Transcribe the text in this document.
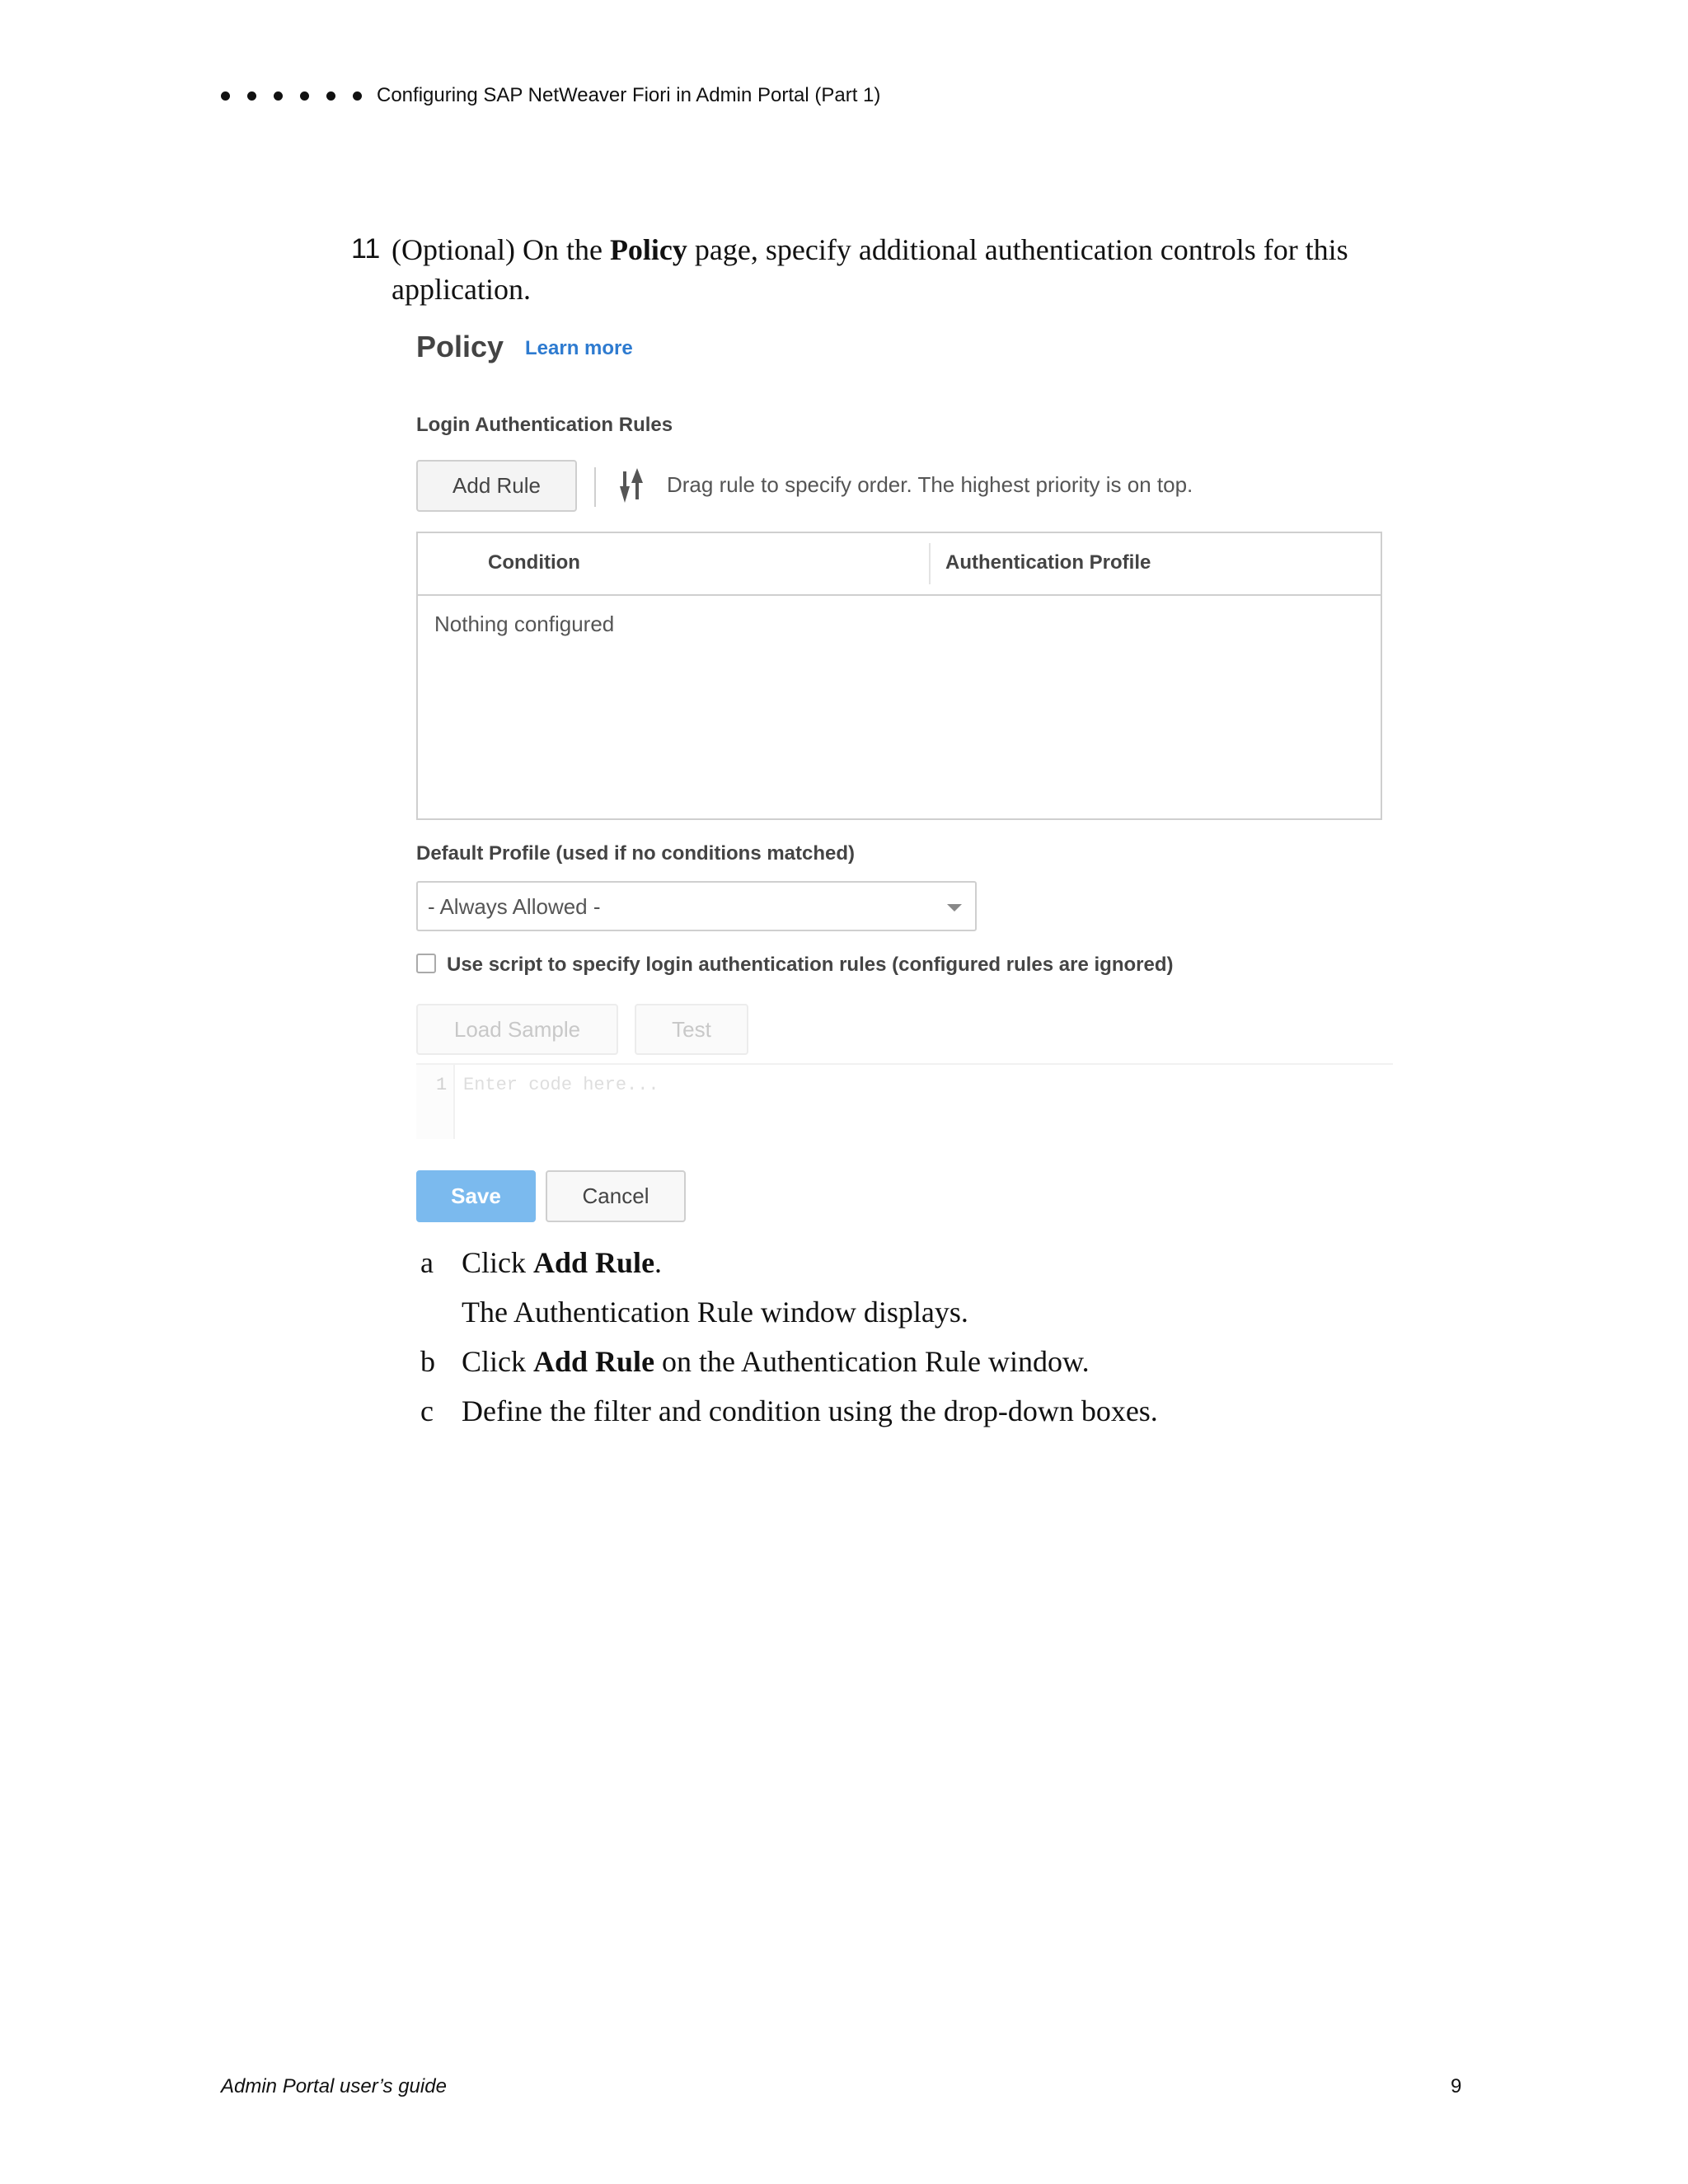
Configuring SAP NetWeaver Fiori in Admin Portal (Part 1)
11 (Optional) On the Policy page, specify additional authentication controls for this application.
Policy Learn more
Login Authentication Rules
Add Rule	Drag rule to specify order. The highest priority is on top.
Condition	Authentication Profile
Nothing configured
Default Profile (used if no conditions matched)
- Always Allowed -
Use script to specify login authentication rules (configured rules are ignored)
Load Sample	Test
1 Enter code here...
Save	Cancel
a Click Add Rule.
The Authentication Rule window displays.
b Click Add Rule on the Authentication Rule window.
c Define the filter and condition using the drop-down boxes.
Admin Portal user’s guide	9
